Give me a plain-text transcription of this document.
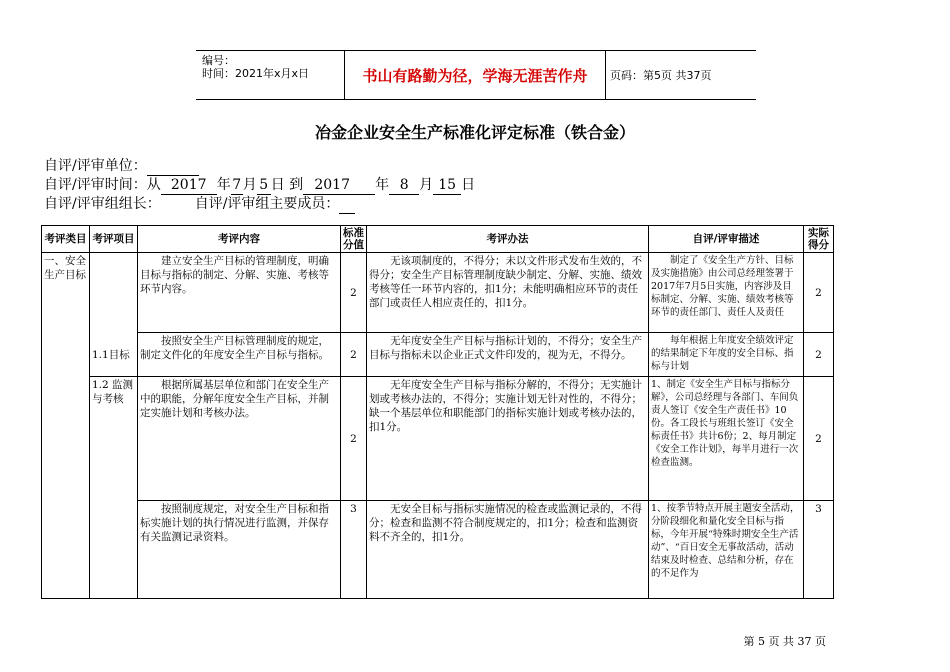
编号：
时间：2021年x月x日	书山有路勤为径，学海无涯苦作舟	页码：第5页 共37页
冶金企业安全生产标准化评定标准（铁合金）
自评/评审单位：
自评/评审时间：从 2017 年 7 月 5 日 到 2017 年 8 月 15 日
自评/评审组组长： 自评/评审组主要成员：
考评类目	考评项目	考评内容	标准分值	考评办法	自评/评审描述	实际得分
一、安全生产目标	1.1目标	建立安全生产目标的管理制度，明确目标与指标的制定、分解、实施、考核等环节内容。	2	无该项制度的，不得分；未以文件形式发布生效的，不得分；安全生产目标管理制度缺少制定、分解、实施、绩效考核等任一环节内容的，扣1分；未能明确相应环节的责任部门或责任人相应责任的，扣1分。	制定了《安全生产方针、目标及实施措施》由公司总经理签署于2017年7月5日实施，内容涉及目标制定、分解、实施、绩效考核等环节的责任部门、责任人及责任	2
		按照安全生产目标管理制度的规定，制定文件化的年度安全生产目标与指标。	2	无年度安全生产目标与指标计划的，不得分；安全生产目标与指标未以企业正式文件印发的，视为无，不得分。	每年根据上年度安全绩效评定的结果制定下年度的安全目标、指标与计划	2
	1.2 监测与考核	根据所属基层单位和部门在安全生产中的职能，分解年度安全生产目标，并制定实施计划和考核办法。	2	无年度安全生产目标与指标分解的，不得分；无实施计划或考核办法的，不得分；实施计划无针对性的，不得分；缺一个基层单位和职能部门的指标实施计划或考核办法的，扣1分。	1、制定《安全生产目标与指标分解》，公司总经理与各部门、车间负责人签订《安全生产责任书》10份。各工段长与班组长签订《安全标责任书》共计6份；2、每月制定《安全工作计划》，每半月进行一次检查监测。	2
		按照制度规定，对安全生产目标和指标实施计划的执行情况进行监测，并保存有关监测记录资料。	3	无安全目标与指标实施情况的检查或监测记录的，不得分；检查和监测不符合制度规定的，扣1分；检查和监测资料不齐全的，扣1分。	1、按季节特点开展主题安全活动，分阶段细化和量化安全目标与指标，今年开展“特殊时期安全生产活动”、“百日安全无事故活动，活动结束及时检查、总结和分析，存在的不足作为	3
第 5 页 共 37 页
